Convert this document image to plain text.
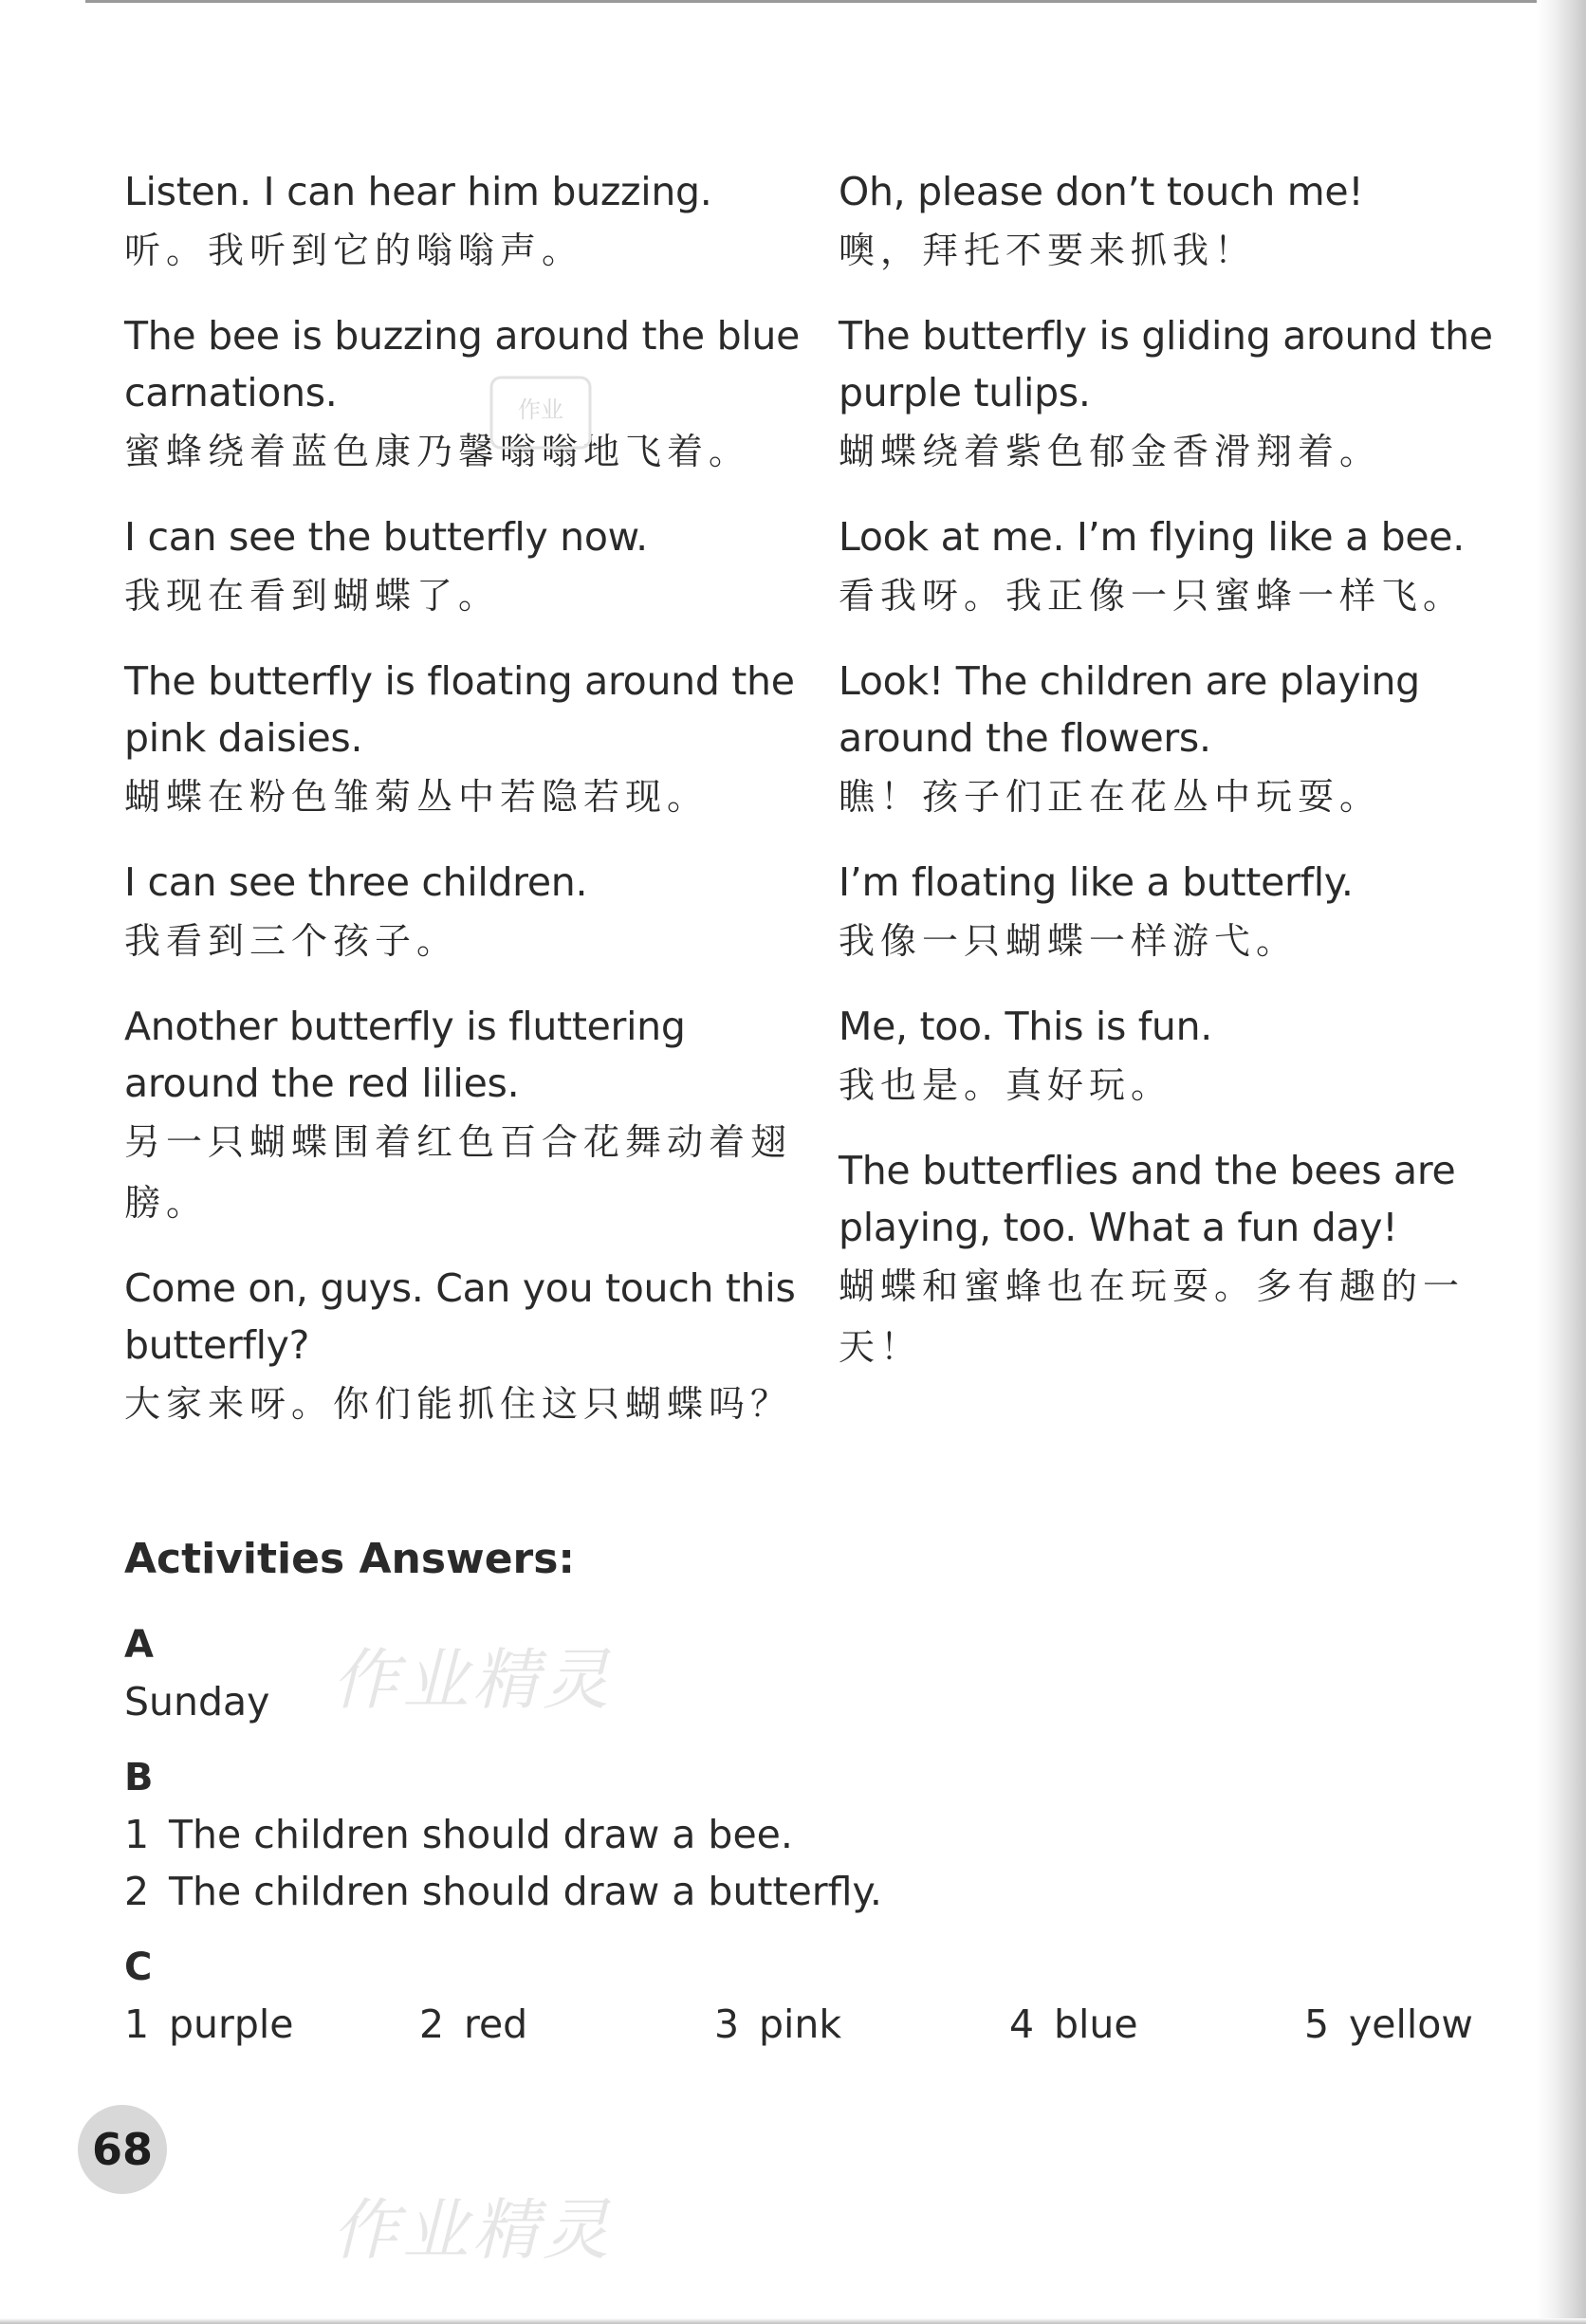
Listen. I can hear him buzzing.
听。我听到它的嗡嗡声。
The bee is buzzing around the blue carnations.
蜜蜂绕着蓝色康乃馨嗡嗡地飞着。
I can see the butterfly now.
我现在看到蝴蝶了。
The butterfly is floating around the pink daisies.
蝴蝶在粉色雏菊丛中若隐若现。
I can see three children.
我看到三个孩子。
Another butterfly is fluttering around the red lilies.
另一只蝴蝶围着红色百合花舞动着翅膀。
Come on, guys. Can you touch this butterfly?
大家来呀。你们能抓住这只蝴蝶吗？
Oh, please don’t touch me!
噢，拜托不要来抓我！
The butterfly is gliding around the purple tulips.
蝴蝶绕着紫色郁金香滑翔着。
Look at me. I’m flying like a bee.
看我呀。我正像一只蜜蜂一样飞。
Look! The children are playing around the flowers.
瞧！孩子们正在花丛中玩耍。
I’m floating like a butterfly.
我像一只蝴蝶一样游弋。
Me, too. This is fun.
我也是。真好玩。
The butterflies and the bees are playing, too. What a fun day!
蝴蝶和蜜蜂也在玩耍。多有趣的一天！
作业
Activities Answers:
A
Sunday
B
1 The children should draw a bee.
2 The children should draw a butterfly.
C
1 purple	2 red	3 pink	4 blue	5 yellow
作业精灵
作业精灵
68
